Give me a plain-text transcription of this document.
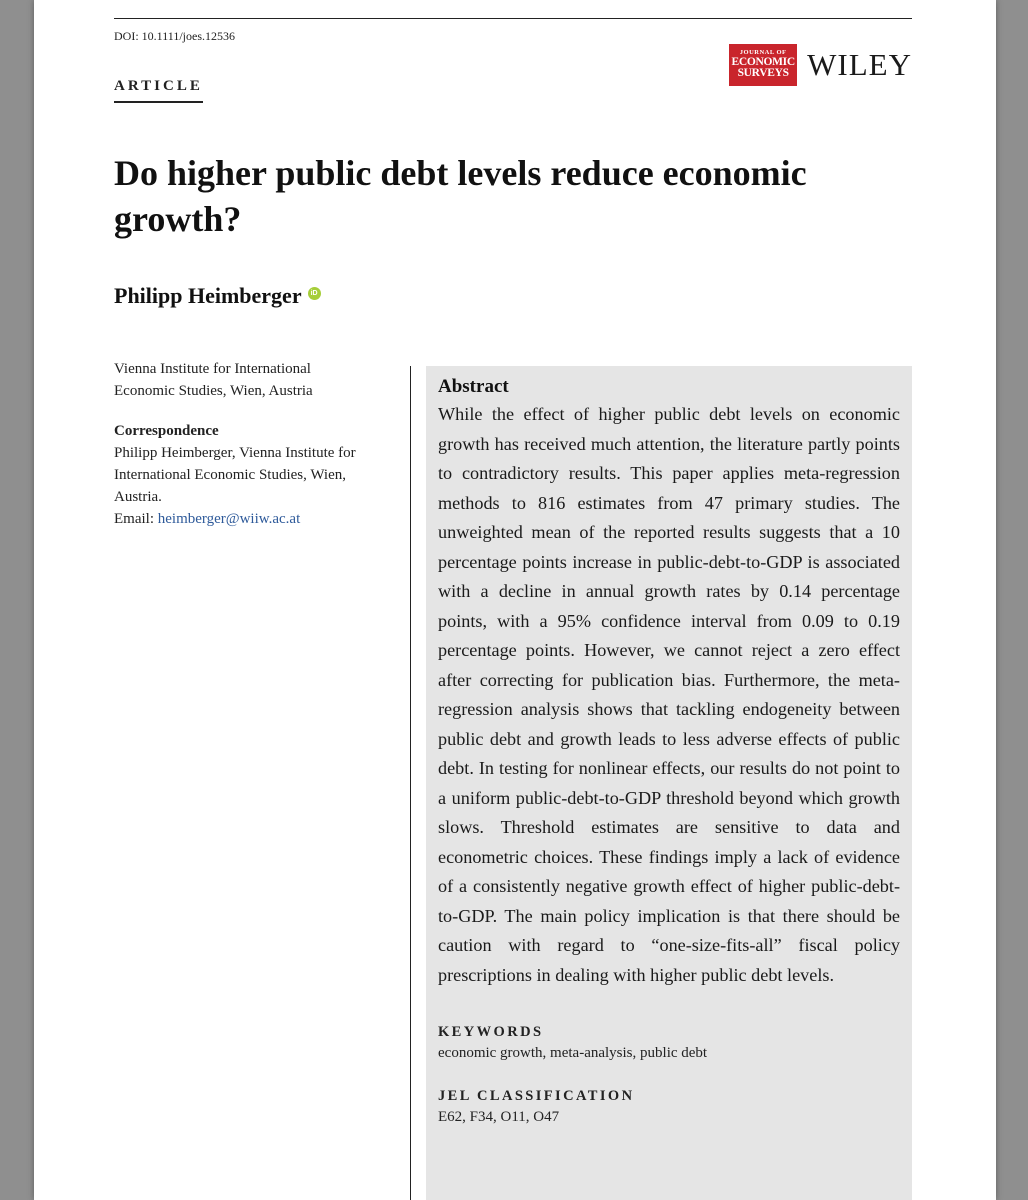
DOI: 10.1111/joes.12536
ARTICLE
JOURNAL OF
ECONOMIC
SURVEYS WILEY
Do higher public debt levels reduce economic growth?
Philipp Heimberger	iD

Vienna Institute for International

Economic Studies, Wien, Austria

Correspondence

Philipp Heimberger, Vienna Institute for International Economic Studies, Wien, Austria.

Email: heimberger@wiiw.ac.at

Abstract

While the effect of higher public debt levels on economic growth has received much attention, the literature partly points to contradictory results. This paper applies meta-regression methods to 816 estimates from 47 primary studies. The unweighted mean of the reported results suggests that a 10 percentage points increase in public-debt-to-GDP is associated with a decline in annual growth rates by 0.14 percentage points, with a 95% confidence interval from 0.09 to 0.19 percentage points. However, we cannot reject a zero effect after correcting for publication bias. Furthermore, the meta-regression analysis shows that tackling endogeneity between public debt and growth leads to less adverse effects of public debt. In testing for nonlinear effects, our results do not point to a uniform public-debt-to-GDP threshold beyond which growth slows. Threshold estimates are sensitive to data and econometric choices. These findings imply a lack of evidence of a consistently negative growth effect of higher public-debt-to-GDP. The main policy implication is that there should be caution with regard to “one-size-fits-all” fiscal policy prescriptions in dealing with higher public debt levels.

KEYWORDS

economic growth, meta-analysis, public debt

JEL CLASSIFICATION

E62, F34, O11, O47
